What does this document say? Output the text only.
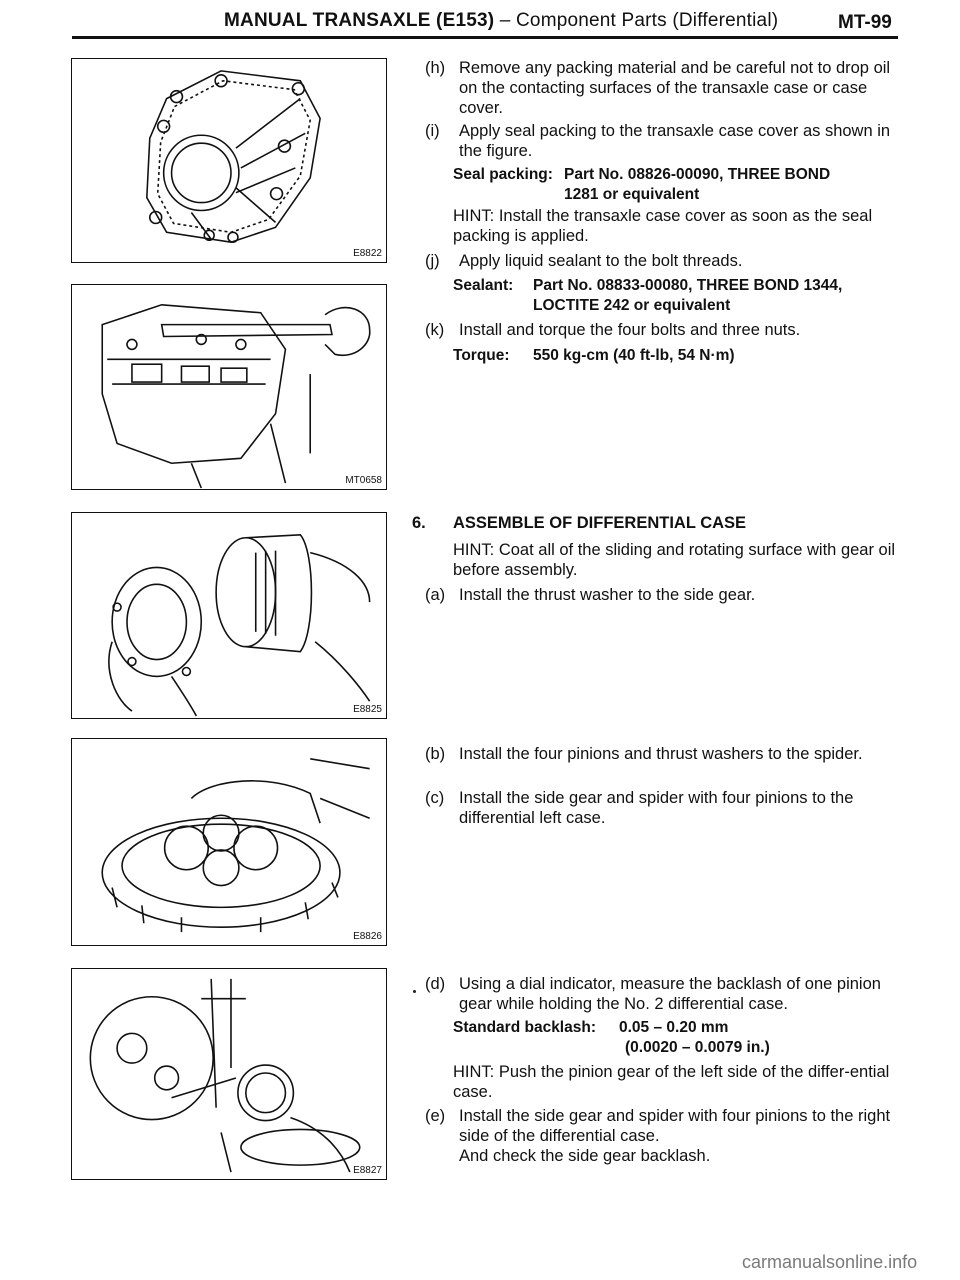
MANUAL TRANSAXLE (E153) – Component Parts (Differential)	MT-99
E8822
MT0658
E8825
E8826
E8827
(h) Remove any packing material and be careful not to drop oil on the contacting surfaces of the transaxle case or case cover.
(i) Apply seal packing to the transaxle case cover as shown in the figure.
Seal packing: Part No. 08826-00090, THREE BOND
1281 or equivalent
HINT: Install the transaxle case cover as soon as the seal packing is applied.
(j) Apply liquid sealant to the bolt threads.
Sealant: Part No. 08833-00080, THREE BOND 1344,
LOCTITE 242 or equivalent
(k) Install and torque the four bolts and three nuts.
Torque: 550 kg-cm (40 ft-lb, 54 N·m)
6. ASSEMBLE OF DIFFERENTIAL CASE
HINT: Coat all of the sliding and rotating surface with gear oil before assembly.
(a) Install the thrust washer to the side gear.
(b) Install the four pinions and thrust washers to the spider.
(c) Install the side gear and spider with four pinions to the differential left case.
(d) Using a dial indicator, measure the backlash of one pinion gear while holding the No. 2 differential case.
Standard backlash: 0.05 – 0.20 mm
(0.0020 – 0.0079 in.)
HINT: Push the pinion gear of the left side of the differ-ential case.
(e) Install the side gear and spider with four pinions to the right side of the differential case.
And check the side gear backlash.
carmanualsonline.info
